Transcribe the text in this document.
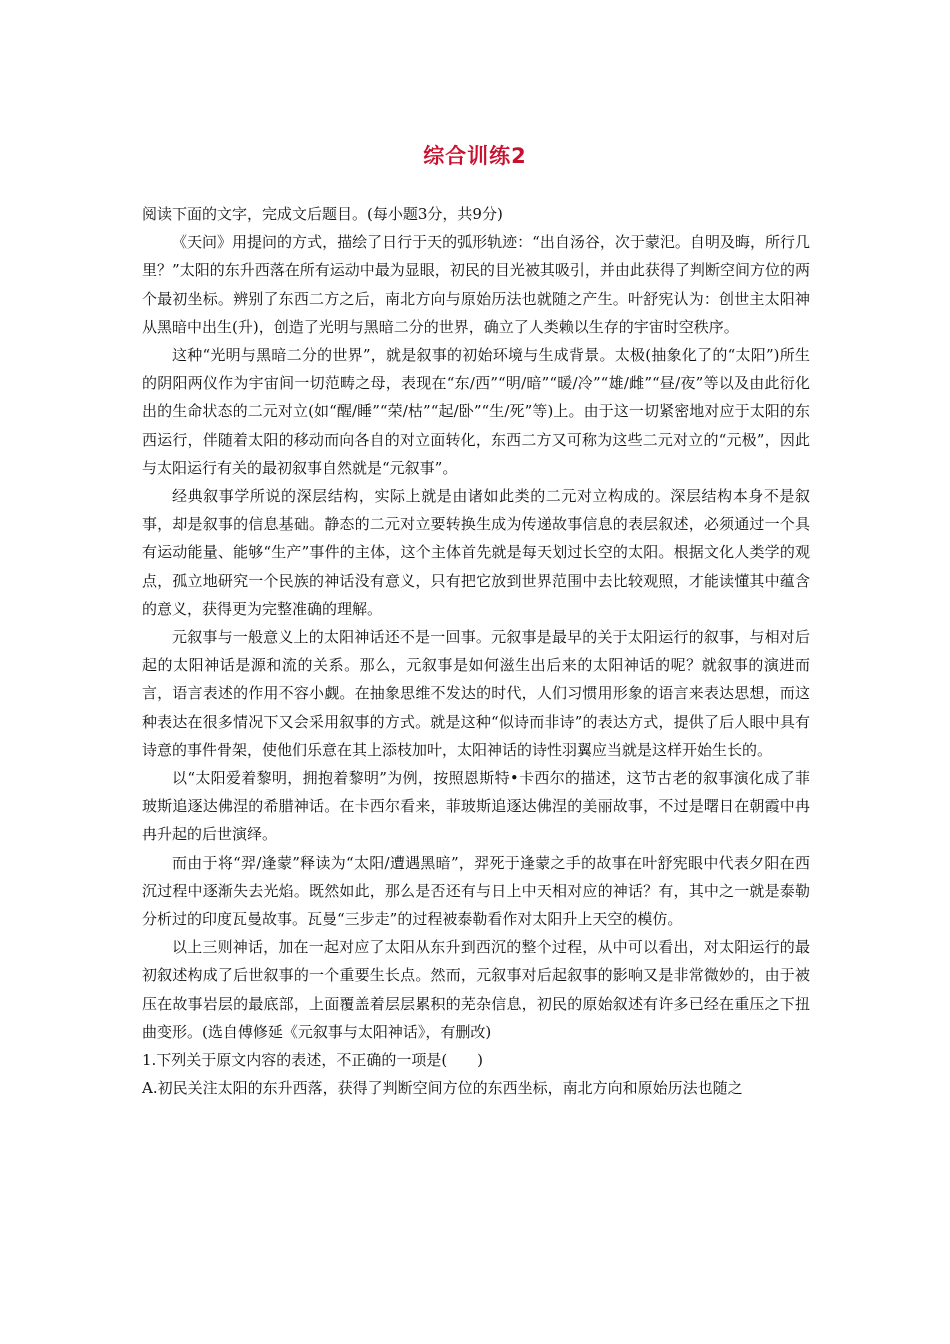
综合训练2

阅读下面的文字，完成文后题目。(每小题3分，共9分)

《天问》用提问的方式，描绘了日行于天的弧形轨迹：“出自汤谷，次于蒙汜。自明及晦，所行几里？”太阳的东升西落在所有运动中最为显眼，初民的目光被其吸引，并由此获得了判断空间方位的两个最初坐标。辨别了东西二方之后，南北方向与原始历法也就随之产生。叶舒宪认为：创世主太阳神从黑暗中出生(升)，创造了光明与黑暗二分的世界，确立了人类赖以生存的宇宙时空秩序。

这种“光明与黑暗二分的世界”，就是叙事的初始环境与生成背景。太极(抽象化了的“太阳”)所生的阴阳两仪作为宇宙间一切范畴之母，表现在“东/西”“明/暗”“暖/冷”“雄/雌”“昼/夜”等以及由此衍化出的生命状态的二元对立(如“醒/睡”“荣/枯”“起/卧”“生/死”等)上。由于这一切紧密地对应于太阳的东西运行，伴随着太阳的移动而向各自的对立面转化，东西二方又可称为这些二元对立的“元极”，因此与太阳运行有关的最初叙事自然就是“元叙事”。

经典叙事学所说的深层结构，实际上就是由诸如此类的二元对立构成的。深层结构本身不是叙事，却是叙事的信息基础。静态的二元对立要转换生成为传递故事信息的表层叙述，必须通过一个具有运动能量、能够“生产”事件的主体，这个主体首先就是每天划过长空的太阳。根据文化人类学的观点，孤立地研究一个民族的神话没有意义，只有把它放到世界范围中去比较观照，才能读懂其中蕴含的意义，获得更为完整准确的理解。

元叙事与一般意义上的太阳神话还不是一回事。元叙事是最早的关于太阳运行的叙事，与相对后起的太阳神话是源和流的关系。那么，元叙事是如何滋生出后来的太阳神话的呢？就叙事的演进而言，语言表述的作用不容小觑。在抽象思维不发达的时代，人们习惯用形象的语言来表达思想，而这种表达在很多情况下又会采用叙事的方式。就是这种“似诗而非诗”的表达方式，提供了后人眼中具有诗意的事件骨架，使他们乐意在其上添枝加叶，太阳神话的诗性羽翼应当就是这样开始生长的。

以“太阳爱着黎明，拥抱着黎明”为例，按照恩斯特•卡西尔的描述，这节古老的叙事演化成了菲玻斯追逐达佛涅的希腊神话。在卡西尔看来，菲玻斯追逐达佛涅的美丽故事，不过是曙日在朝霞中冉冉升起的后世演绎。

而由于将“羿/逢蒙”释读为“太阳/遭遇黑暗”，羿死于逢蒙之手的故事在叶舒宪眼中代表夕阳在西沉过程中逐渐失去光焰。既然如此，那么是否还有与日上中天相对应的神话？有，其中之一就是泰勒分析过的印度瓦曼故事。瓦曼“三步走”的过程被泰勒看作对太阳升上天空的模仿。

以上三则神话，加在一起对应了太阳从东升到西沉的整个过程，从中可以看出，对太阳运行的最初叙述构成了后世叙事的一个重要生长点。然而，元叙事对后起叙事的影响又是非常微妙的，由于被压在故事岩层的最底部，上面覆盖着层层累积的芜杂信息，初民的原始叙述有许多已经在重压之下扭曲变形。(选自傅修延《元叙事与太阳神话》，有删改)

1.下列关于原文内容的表述，不正确的一项是(　　)

A.初民关注太阳的东升西落，获得了判断空间方位的东西坐标，南北方向和原始历法也随之
